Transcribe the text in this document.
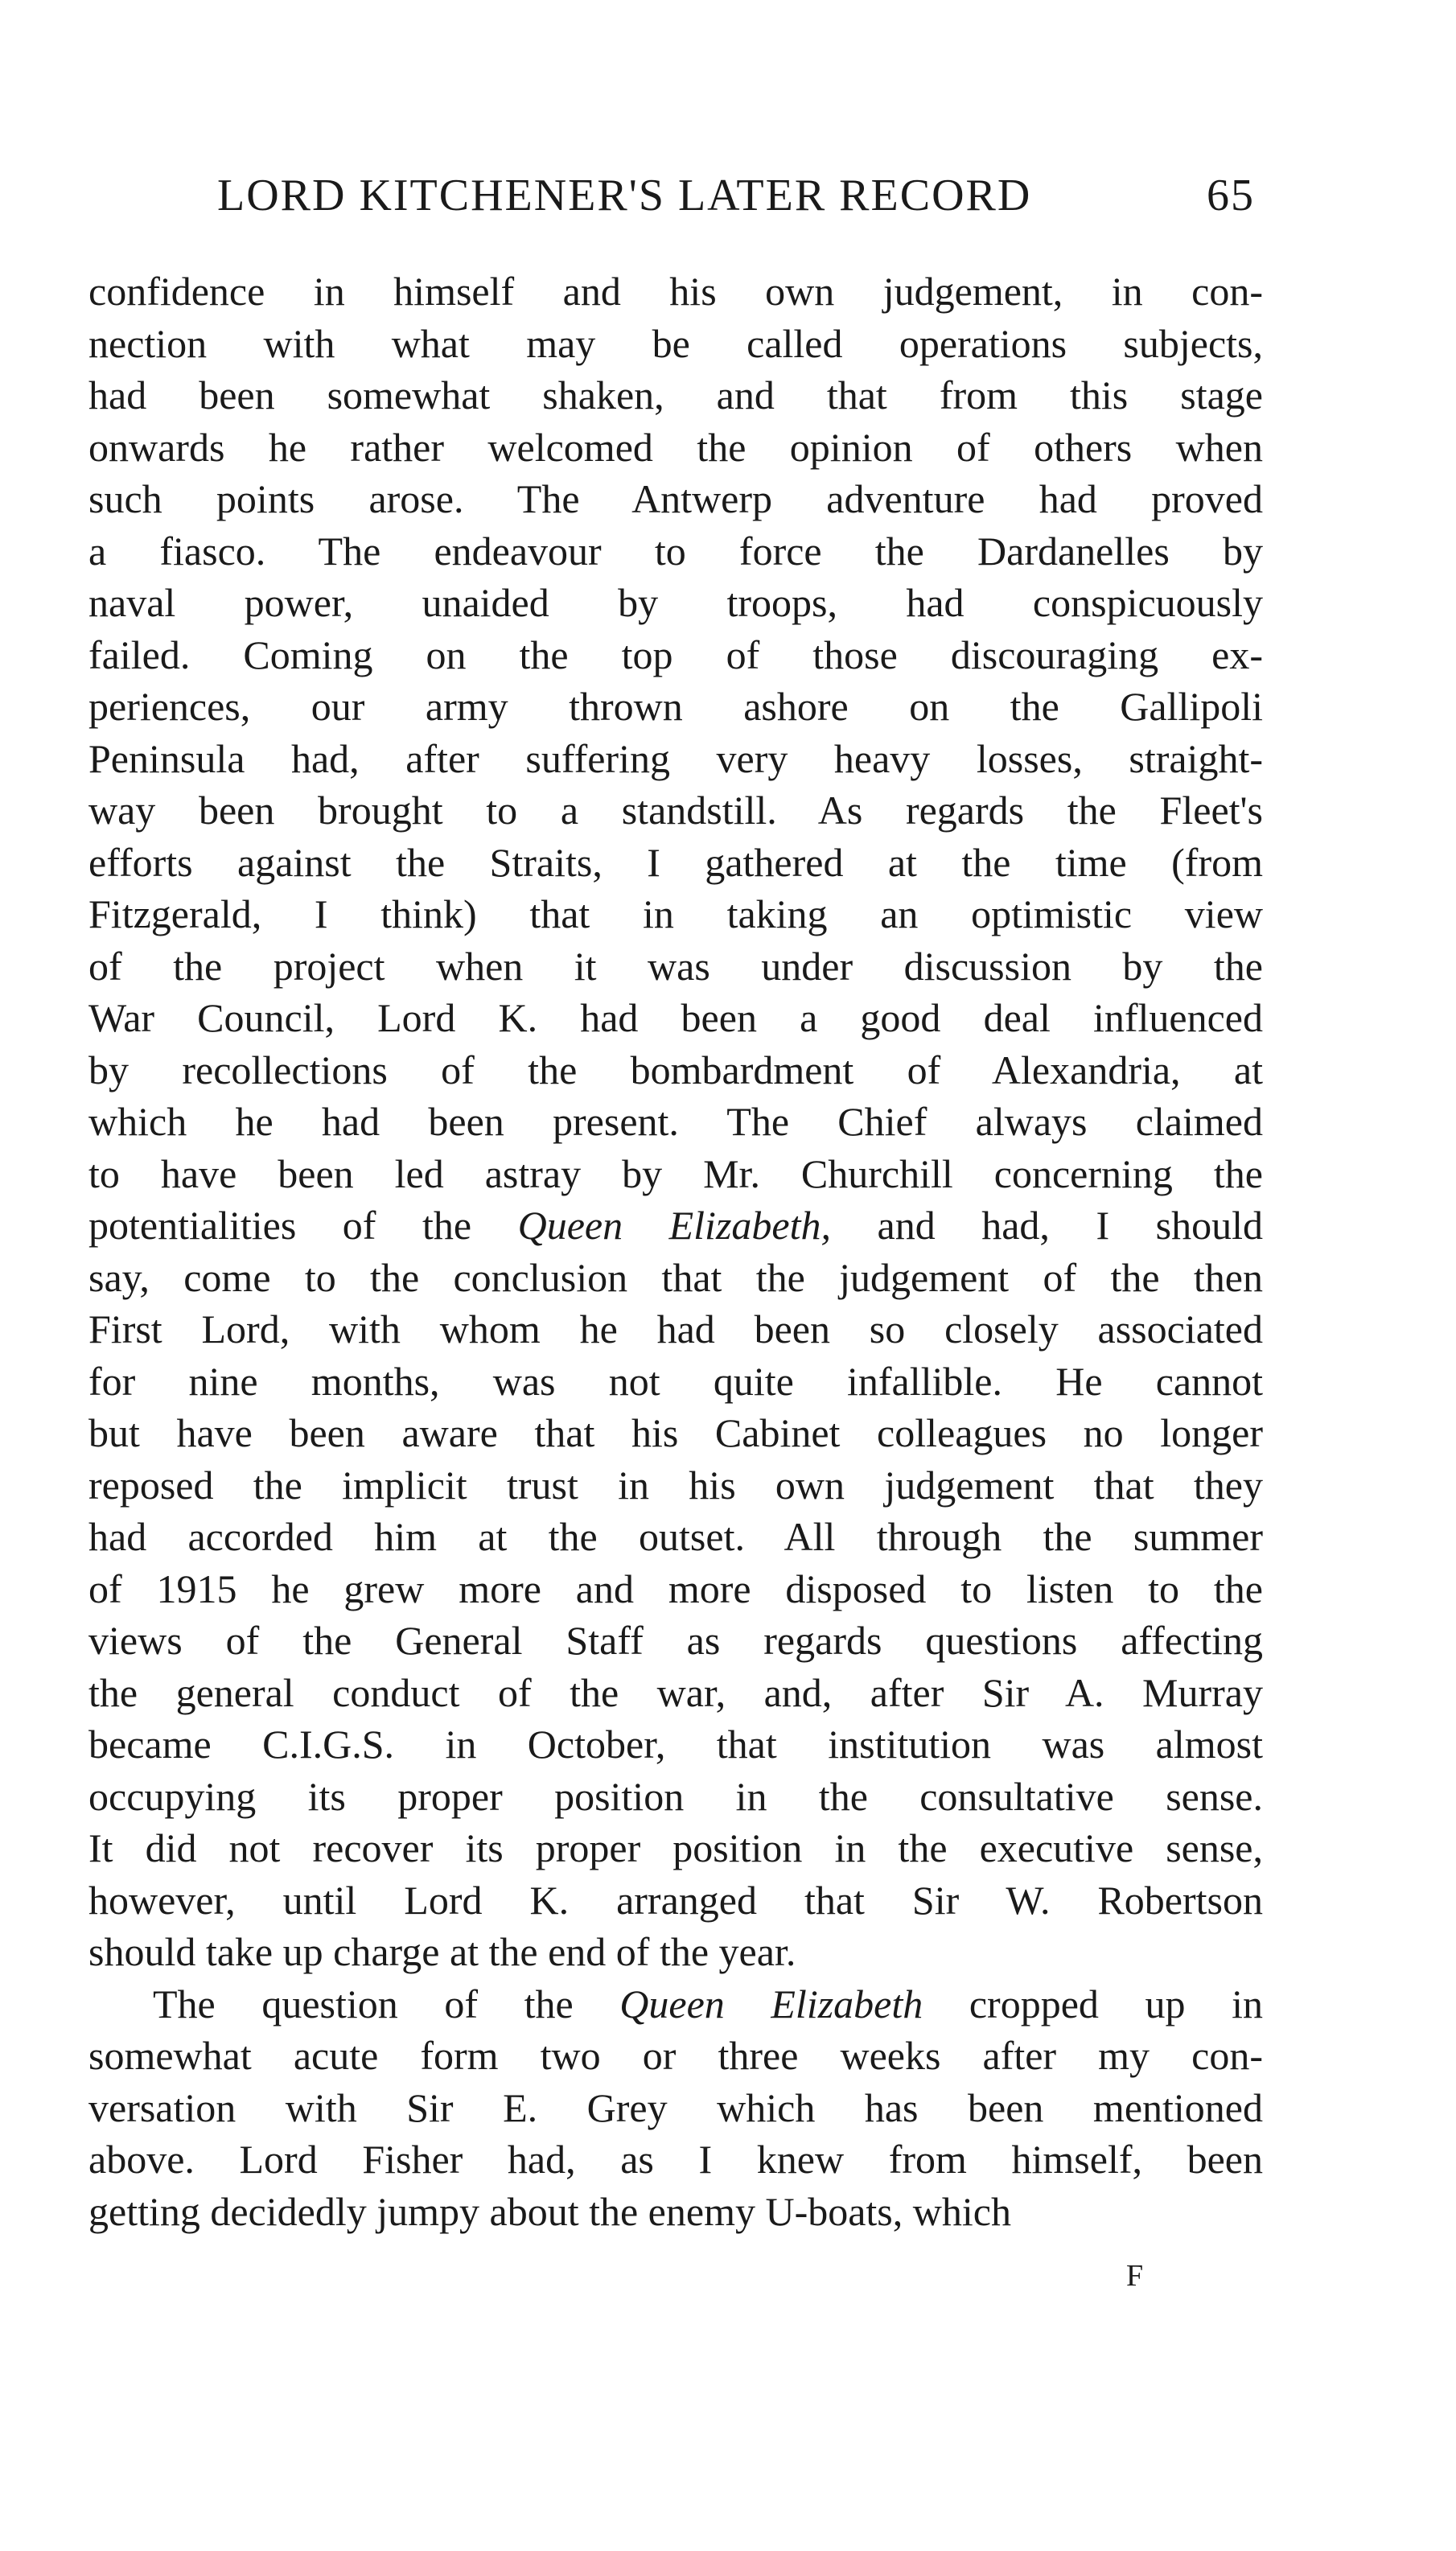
LORD KITCHENER'S LATER RECORD	65
confidence in himself and his own judgement, in con-
nection with what may be called operations subjects,
had been somewhat shaken, and that from this stage
onwards he rather welcomed the opinion of others when
such points arose. The Antwerp adventure had proved
a fiasco. The endeavour to force the Dardanelles by
naval power, unaided by troops, had conspicuously
failed. Coming on the top of those discouraging ex-
periences, our army thrown ashore on the Gallipoli
Peninsula had, after suffering very heavy losses, straight-
way been brought to a standstill. As regards the Fleet's
efforts against the Straits, I gathered at the time (from
Fitzgerald, I think) that in taking an optimistic view
of the project when it was under discussion by the
War Council, Lord K. had been a good deal influenced
by recollections of the bombardment of Alexandria, at
which he had been present. The Chief always claimed
to have been led astray by Mr. Churchill concerning the
potentialities of the Queen Elizabeth, and had, I should
say, come to the conclusion that the judgement of the then
First Lord, with whom he had been so closely associated
for nine months, was not quite infallible. He cannot
but have been aware that his Cabinet colleagues no longer
reposed the implicit trust in his own judgement that they
had accorded him at the outset. All through the summer
of 1915 he grew more and more disposed to listen to the
views of the General Staff as regards questions affecting
the general conduct of the war, and, after Sir A. Murray
became C.I.G.S. in October, that institution was almost
occupying its proper position in the consultative sense.
It did not recover its proper position in the executive sense,
however, until Lord K. arranged that Sir W. Robertson
should take up charge at the end of the year.
The question of the Queen Elizabeth cropped up in
somewhat acute form two or three weeks after my con-
versation with Sir E. Grey which has been mentioned
above. Lord Fisher had, as I knew from himself, been
getting decidedly jumpy about the enemy U-boats, which
F
